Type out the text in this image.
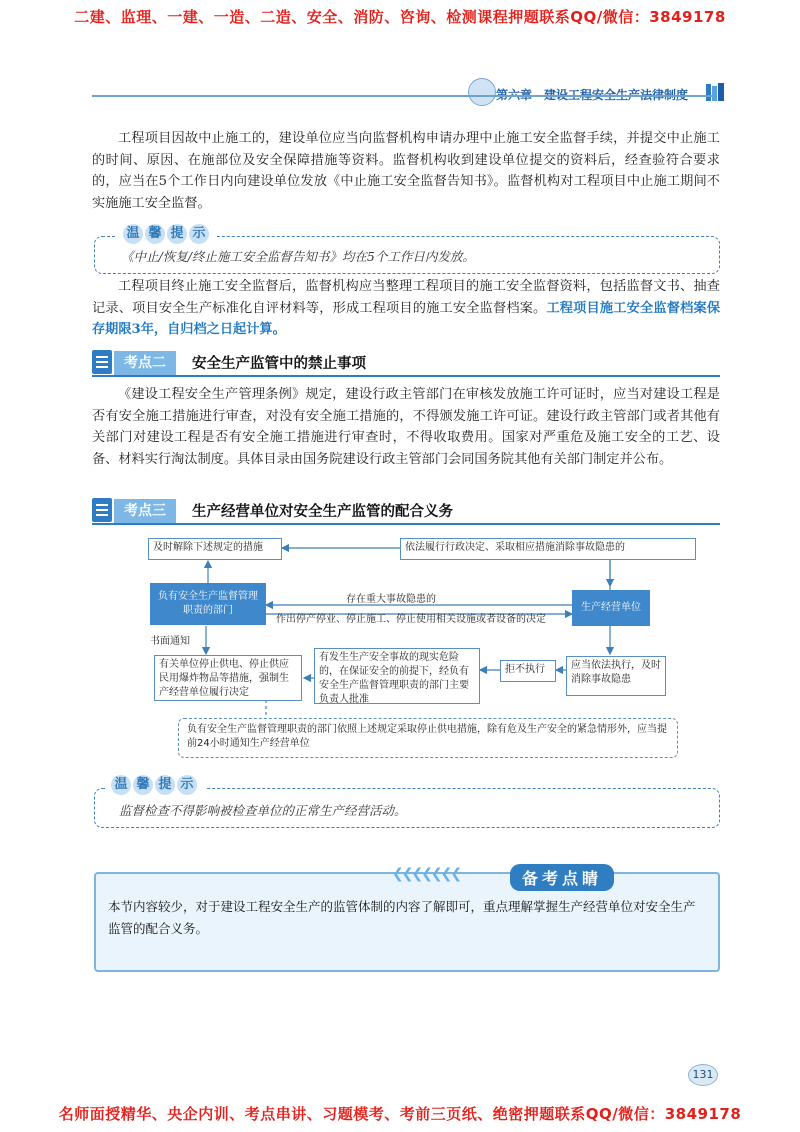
二建、监理、一建、一造、二造、安全、消防、咨询、检测课程押题联系QQ/微信：3849178
名师面授精华、央企内训、考点串讲、习题模考、考前三页纸、绝密押题联系QQ/微信：3849178

工程项目因故中止施工的，建设单位应当向监督机构申请办理中止施工安全监督手续，并提交中止施工的时间、原因、在施部位及安全保障措施等资料。监督机构收到建设单位提交的资料后，经查验符合要求的，应当在5个工作日内向建设单位发放《中止施工安全监督告知书》。监督机构对工程项目中止施工期间不实施施工安全监督。

温 馨 提 示
《中止/恢复/终止施工安全监督告知书》均在5个工作日内发放。

工程项目终止施工安全监督后，监督机构应当整理工程项目的施工安全监督资料，包括监督文书、抽查记录、项目安全生产标准化自评材料等，形成工程项目的施工安全监督档案。工程项目施工安全监督档案保存期限3年，自归档之日起计算。

考点二	安全生产监管中的禁止事项

《建设工程安全生产管理条例》规定，建设行政主管部门在审核发放施工许可证时，应当对建设工程是否有安全施工措施进行审查，对没有安全施工措施的，不得颁发施工许可证。建设行政主管部门或者其他有关部门对建设工程是否有安全施工措施进行审查时，不得收取费用。国家对严重危及施工安全的工艺、设备、材料实行淘汰制度。具体目录由国务院建设行政主管部门会同国务院其他有关部门制定并公布。

考点三	生产经营单位对安全生产监管的配合义务
及时解除下述规定的措施	依法履行行政决定、采取相应措施消除事故隐患的
负有安全生产监督管理职责的部门	生产经营单位
存在重大事故隐患的
作出停产停业、停止施工、停止使用相关设施或者设备的决定
书面通知
有关单位停止供电、停止供应民用爆炸物品等措施，强制生产经营单位履行决定
有发生生产安全事故的现实危险的，在保证安全的前提下，经负有安全生产监督管理职责的部门主要负责人批准
拒不执行	应当依法执行，及时消除事故隐患
负有安全生产监督管理职责的部门依照上述规定采取停止供电措施，除有危及生产安全的紧急情形外，应当提前24小时通知生产经营单位
温 馨 提 示
监督检查不得影响被检查单位的正常生产经营活动。
本节内容较少，对于建设工程安全生产的监管体制的内容了解即可，重点理解掌握生产经营单位对安全生产监管的配合义务。
❮❮❮❮❮❮❮	备考点睛
131
